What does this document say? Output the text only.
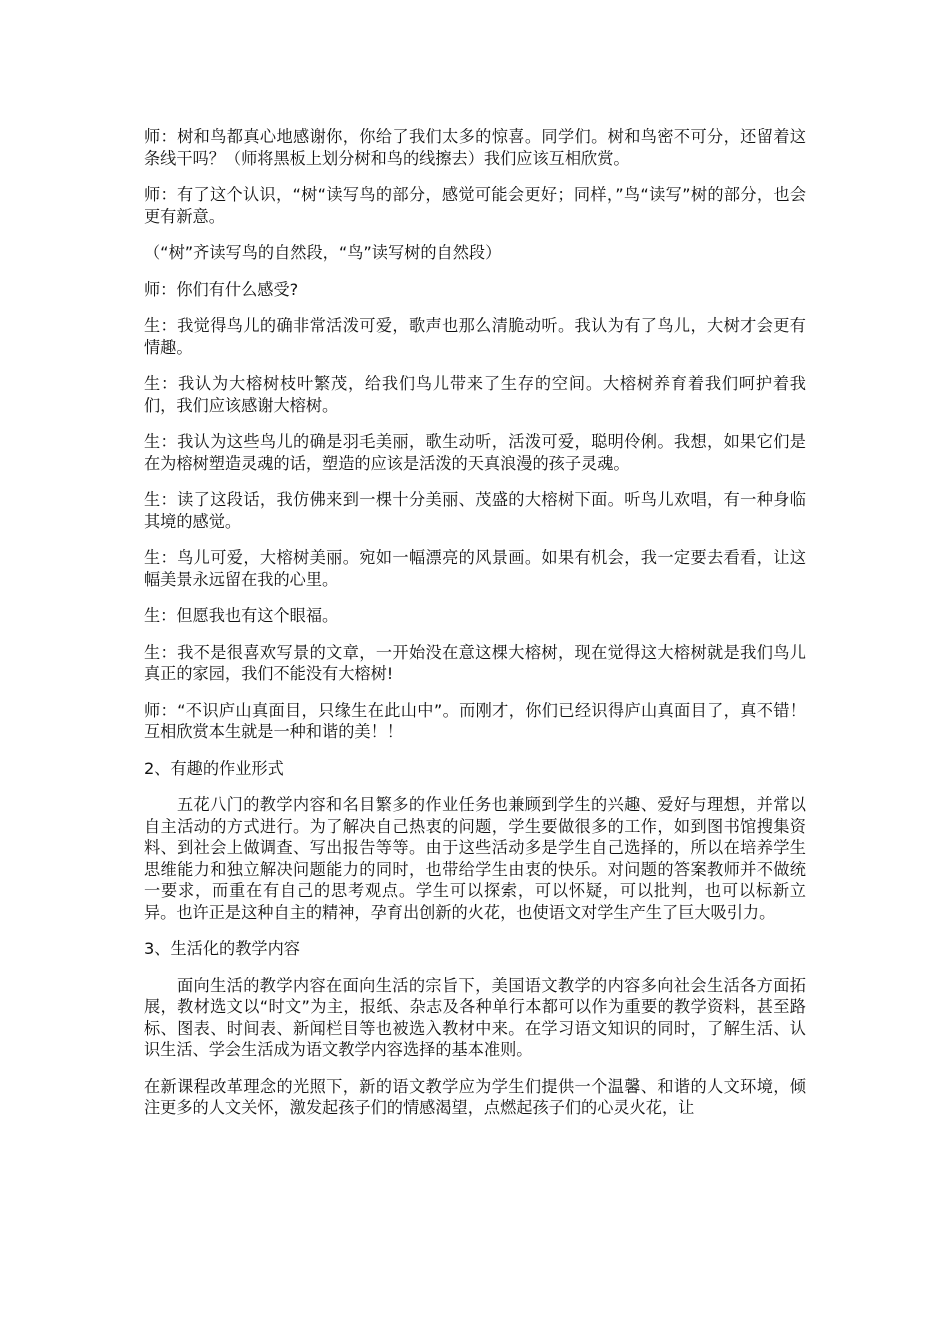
师：树和鸟都真心地感谢你，你给了我们太多的惊喜。同学们。树和鸟密不可分，还留着这条线干吗？（师将黑板上划分树和鸟的线擦去）我们应该互相欣赏。

师：有了这个认识，“树“读写鸟的部分，感觉可能会更好；同样，”鸟“读写”树的部分，也会更有新意。

（“树”齐读写鸟的自然段，“鸟”读写树的自然段）

师：你们有什么感受?

生：我觉得鸟儿的确非常活泼可爱，歌声也那么清脆动听。我认为有了鸟儿，大树才会更有情趣。

生：我认为大榕树枝叶繁茂，给我们鸟儿带来了生存的空间。大榕树养育着我们呵护着我们，我们应该感谢大榕树。

生：我认为这些鸟儿的确是羽毛美丽，歌生动听，活泼可爱，聪明伶俐。我想，如果它们是在为榕树塑造灵魂的话，塑造的应该是活泼的天真浪漫的孩子灵魂。

生：读了这段话，我仿佛来到一棵十分美丽、茂盛的大榕树下面。听鸟儿欢唱，有一种身临其境的感觉。

生：鸟儿可爱，大榕树美丽。宛如一幅漂亮的风景画。如果有机会，我一定要去看看，让这幅美景永远留在我的心里。

生：但愿我也有这个眼福。

生：我不是很喜欢写景的文章，一开始没在意这棵大榕树，现在觉得这大榕树就是我们鸟儿真正的家园，我们不能没有大榕树!

师：“不识庐山真面目，只缘生在此山中”。而刚才，你们已经识得庐山真面目了，真不错！互相欣赏本生就是一种和谐的美！！

2、有趣的作业形式

五花八门的教学内容和名目繁多的作业任务也兼顾到学生的兴趣、爱好与理想，并常以自主活动的方式进行。为了解决自己热衷的问题，学生要做很多的工作，如到图书馆搜集资料、到社会上做调查、写出报告等等。由于这些活动多是学生自己选择的，所以在培养学生思维能力和独立解决问题能力的同时，也带给学生由衷的快乐。对问题的答案教师并不做统一要求，而重在有自己的思考观点。学生可以探索，可以怀疑，可以批判，也可以标新立异。也许正是这种自主的精神，孕育出创新的火花，也使语文对学生产生了巨大吸引力。

3、生活化的教学内容

面向生活的教学内容在面向生活的宗旨下，美国语文教学的内容多向社会生活各方面拓展，教材选文以“时文”为主，报纸、杂志及各种单行本都可以作为重要的教学资料，甚至路标、图表、时间表、新闻栏目等也被选入教材中来。在学习语文知识的同时，了解生活、认识生活、学会生活成为语文教学内容选择的基本准则。

在新课程改革理念的光照下，新的语文教学应为学生们提供一个温馨、和谐的人文环境，倾注更多的人文关怀，激发起孩子们的情感渴望，点燃起孩子们的心灵火花，让
